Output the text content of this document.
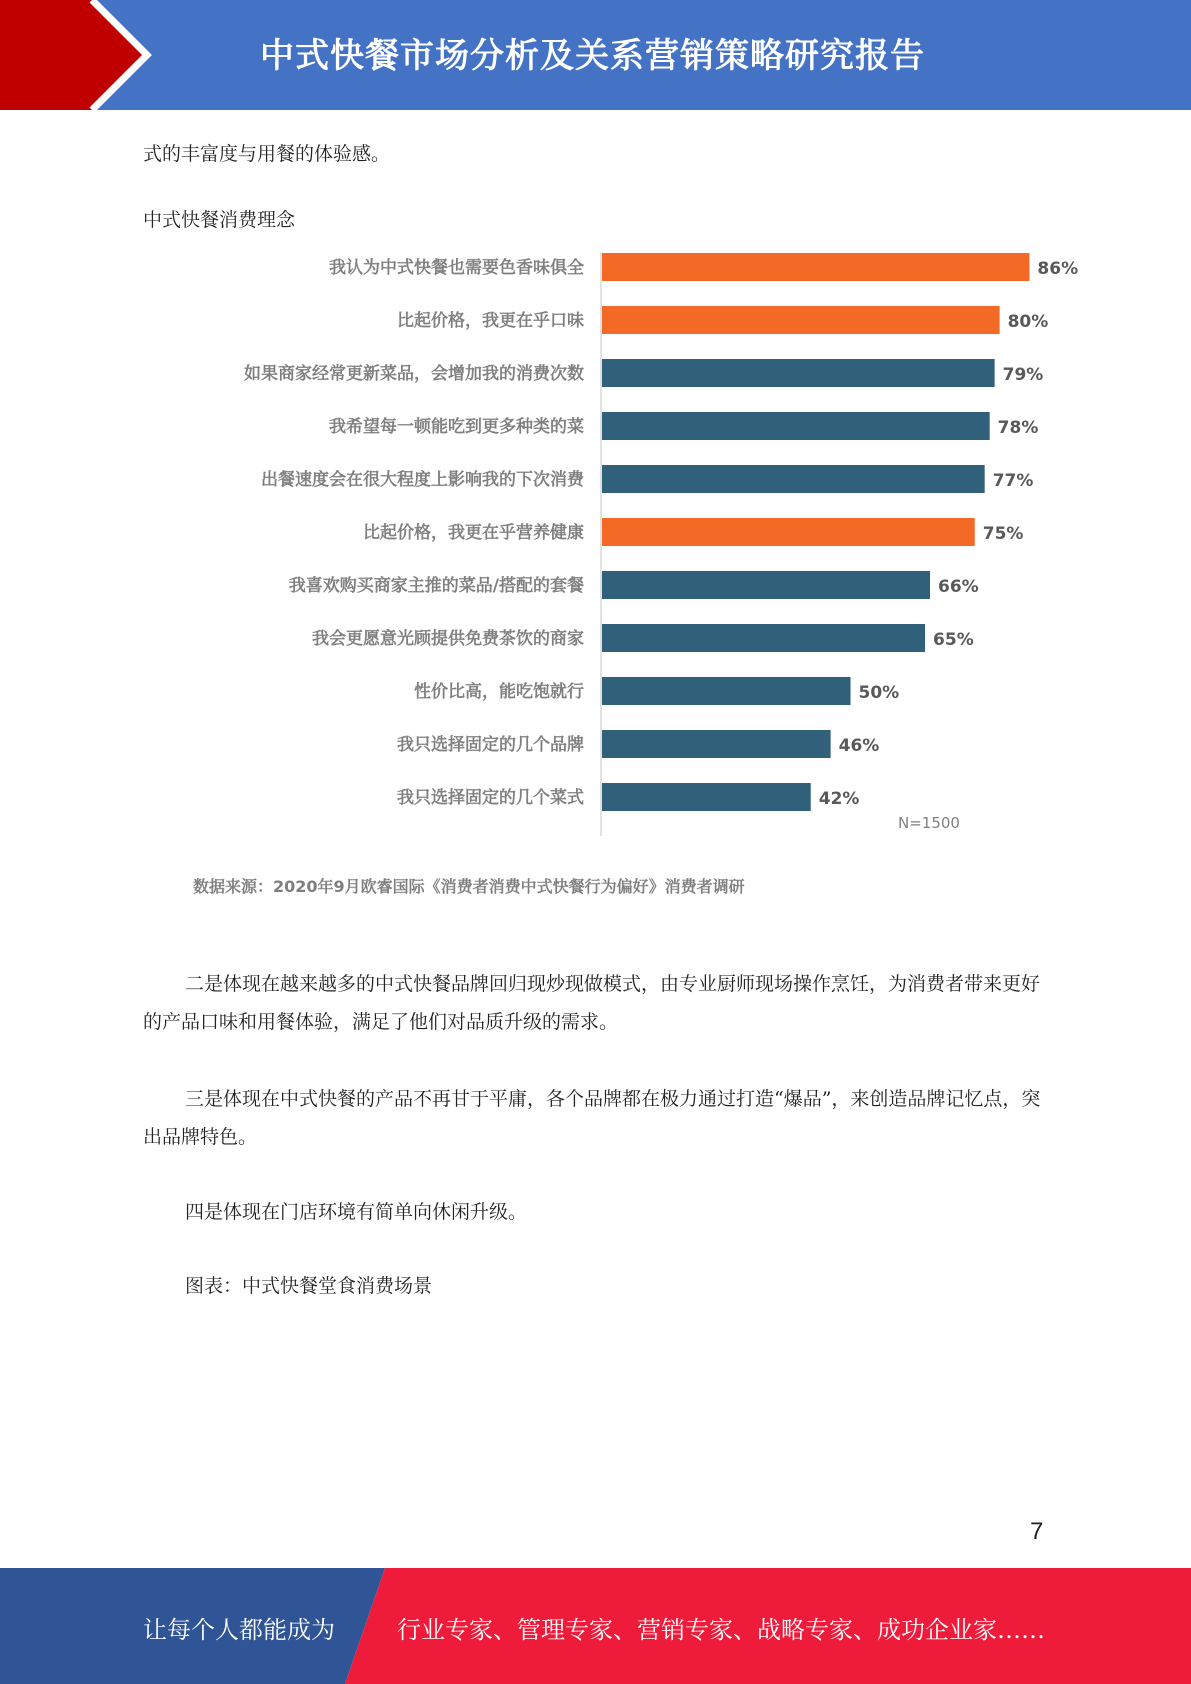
中式快餐市场分析及关系营销策略研究报告

式的丰富度与用餐的体验感。

中式快餐消费理念

我认为中式快餐也需要色香味俱全	86%
比起价格，我更在乎口味	80%
如果商家经常更新菜品，会增加我的消费次数	79%
我希望每一顿能吃到更多种类的菜	78%
出餐速度会在很大程度上影响我的下次消费	77%
比起价格，我更在乎营养健康	75%
我喜欢购买商家主推的菜品/搭配的套餐	66%
我会更愿意光顾提供免费茶饮的商家	65%
性价比高，能吃饱就行	50%
我只选择固定的几个品牌	46%
我只选择固定的几个菜式	42%
N=1500
数据来源：2020年9月欧睿国际《消费者消费中式快餐行为偏好》消费者调研

二是体现在越来越多的中式快餐品牌回归现炒现做模式，由专业厨师现场操作烹饪，为消费者带来更好的产品口味和用餐体验，满足了他们对品质升级的需求。

三是体现在中式快餐的产品不再甘于平庸，各个品牌都在极力通过打造“爆品”，来创造品牌记忆点，突出品牌特色。

四是体现在门店环境有简单向休闲升级。

图表：中式快餐堂食消费场景

7
让每个人都能成为	行业专家、管理专家、营销专家、战略专家、成功企业家……
